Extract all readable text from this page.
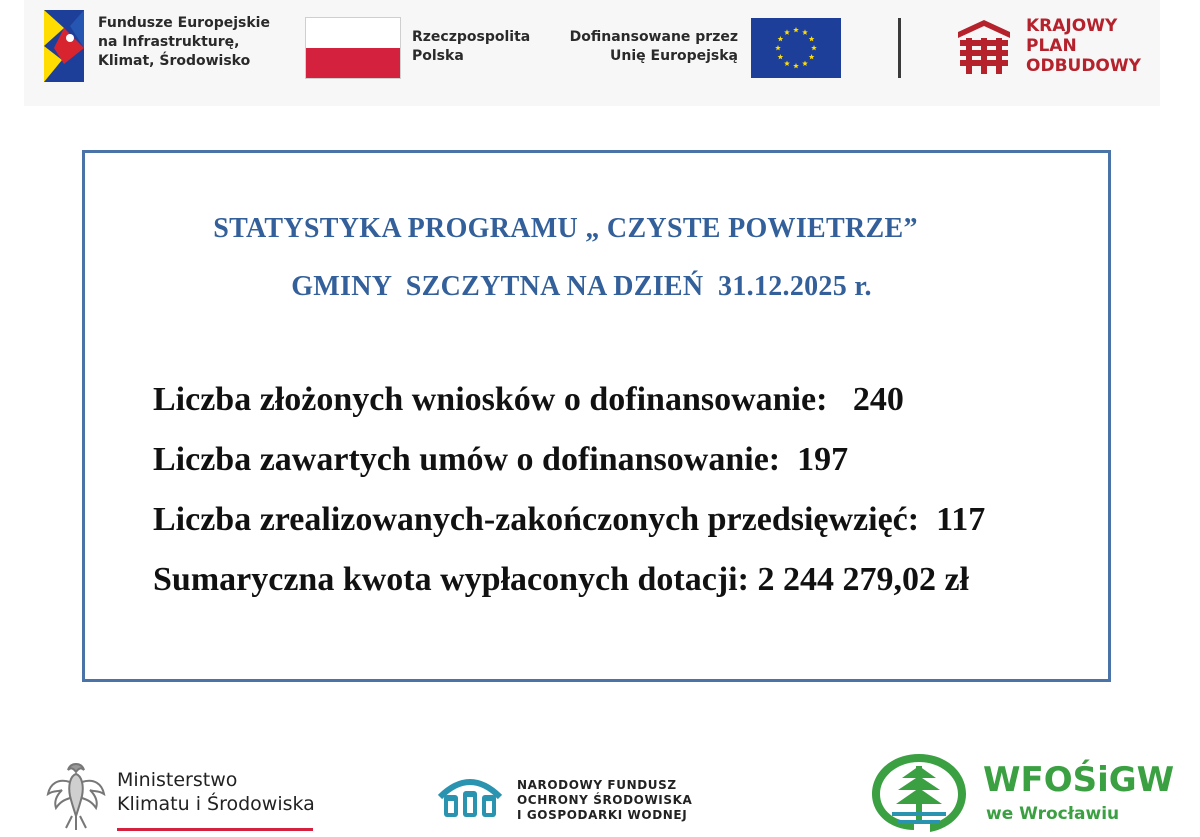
Fundusze Europejskie
na Infrastrukturę,
Klimat, Środowisko
Rzeczpospolita
Polska
Dofinansowane przez
Unię Europejską
KRAJOWY
PLAN
ODBUDOWY
STATYSTYKA PROGRAMU „ CZYSTE POWIETRZE”
GMINY  SZCZYTNA NA DZIEŃ  31.12.2025 r.
Liczba złożonych wniosków o dofinansowanie: 240
Liczba zawartych umów o dofinansowanie: 197
Liczba zrealizowanych-zakończonych przedsięwzięć: 117
Sumaryczna kwota wypłaconych dotacji: 2 244 279,02 zł
Ministerstwo
Klimatu i Środowiska
NARODOWY FUNDUSZ
OCHRONY ŚRODOWISKA
I GOSPODARKI WODNEJ
WFOŚiGW
we Wrocławiu
